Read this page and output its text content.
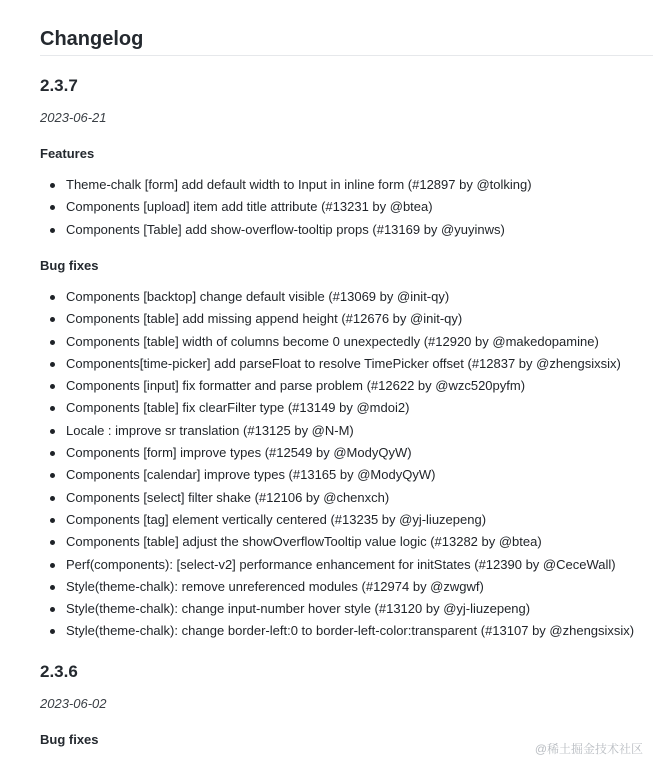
Changelog
2.3.7

2023-06-21

Features
Theme-chalk [form] add default width to Input in inline form (#12897 by @tolking)
Components [upload] item add title attribute (#13231 by @btea)
Components [Table] add show-overflow-tooltip props (#13169 by @yuyinws)
Bug fixes
Components [backtop] change default visible (#13069 by @init-qy)
Components [table] add missing append height (#12676 by @init-qy)
Components [table] width of columns become 0 unexpectedly (#12920 by @makedopamine)
Components[time-picker] add parseFloat to resolve TimePicker offset (#12837 by @zhengsixsix)
Components [input] fix formatter and parse problem (#12622 by @wzc520pyfm)
Components [table] fix clearFilter type (#13149 by @mdoi2)
Locale : improve sr translation (#13125 by @N-M)
Components [form] improve types (#12549 by @ModyQyW)
Components [calendar] improve types (#13165 by @ModyQyW)
Components [select] filter shake (#12106 by @chenxch)
Components [tag] element vertically centered (#13235 by @yj-liuzepeng)
Components [table] adjust the showOverflowTooltip value logic (#13282 by @btea)
Perf(components): [select-v2] performance enhancement for initStates (#12390 by @CeceWall)
Style(theme-chalk): remove unreferenced modules (#12974 by @zwgwf)
Style(theme-chalk): change input-number hover style (#13120 by @yj-liuzepeng)
Style(theme-chalk): change border-left:0 to border-left-color:transparent (#13107 by @zhengsixsix)
2.3.6

2023-06-02

Bug fixes
@稀土掘金技术社区
